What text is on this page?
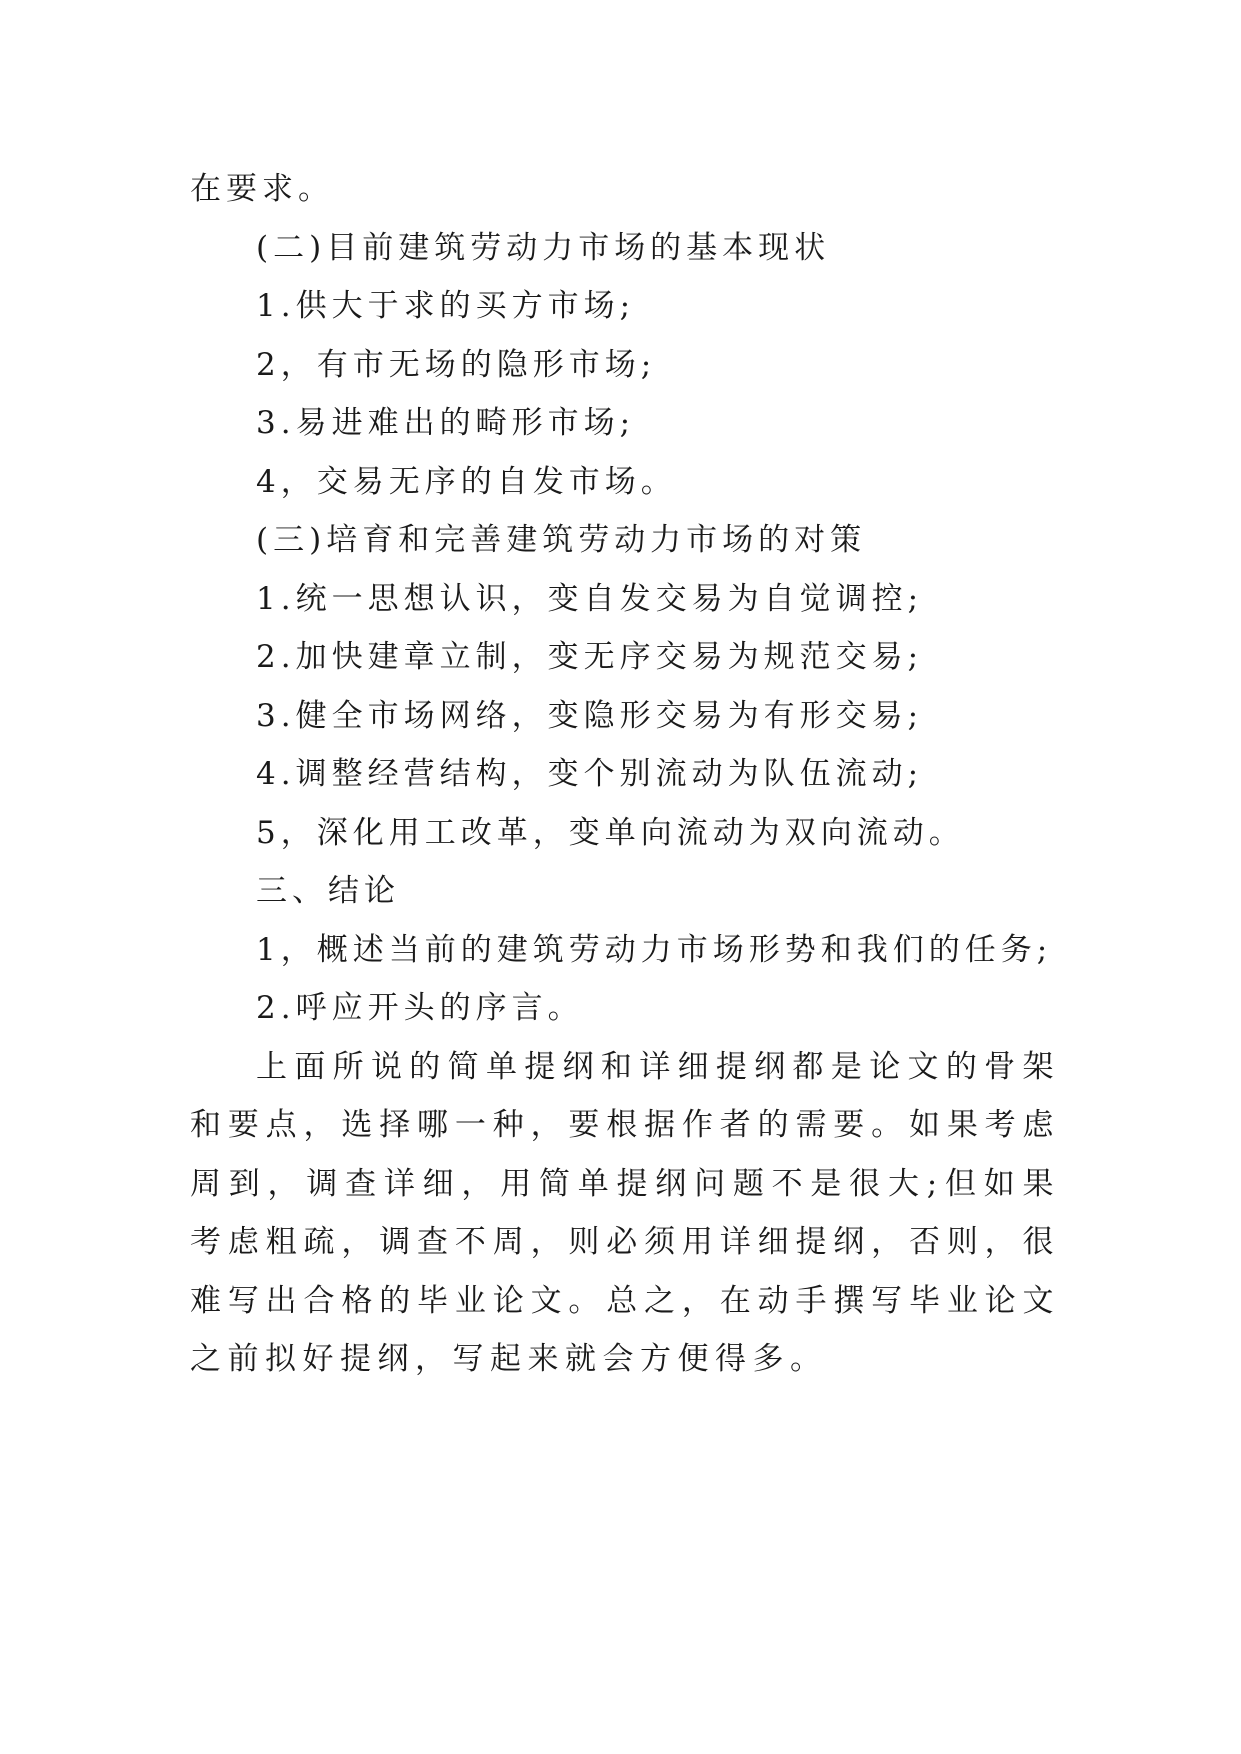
在要求。

(二)目前建筑劳动力市场的基本现状

1.供大于求的买方市场;

2，有市无场的隐形市场;

3.易进难出的畸形市场;

4，交易无序的自发市场。

(三)培育和完善建筑劳动力市场的对策

1.统一思想认识，变自发交易为自觉调控;

2.加快建章立制，变无序交易为规范交易;

3.健全市场网络，变隐形交易为有形交易;

4.调整经营结构，变个别流动为队伍流动;

5，深化用工改革，变单向流动为双向流动。

三、结论

1，概述当前的建筑劳动力市场形势和我们的任务;

2.呼应开头的序言。

上面所说的简单提纲和详细提纲都是论文的骨架和要点，选择哪一种，要根据作者的需要。如果考虑周到，调查详细，用简单提纲问题不是很大;但如果考虑粗疏，调查不周，则必须用详细提纲，否则，很难写出合格的毕业论文。总之，在动手撰写毕业论文之前拟好提纲，写起来就会方便得多。
